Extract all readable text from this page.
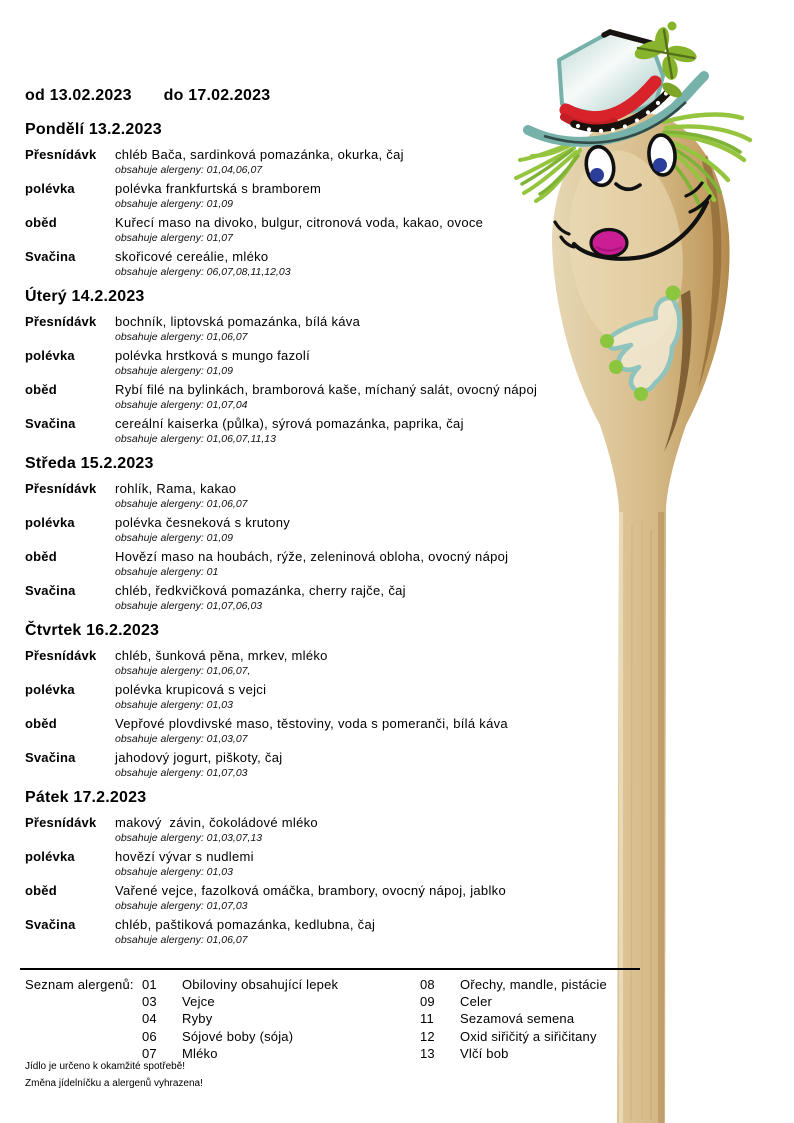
od 13.02.2023 do 17.02.2023
Pondělí 13.2.2023
Přesnídávk	chléb Bača, sardinková pomazánka, okurka, čaj
obsahuje alergeny: 01,04,06,07
polévka	polévka frankfurtská s bramborem
obsahuje alergeny: 01,09
oběd	Kuřecí maso na divoko, bulgur, citronová voda, kakao, ovoce
obsahuje alergeny: 01,07
Svačina	skořicové cereálie, mléko
obsahuje alergeny: 06,07,08,11,12,03
Úterý 14.2.2023
Přesnídávk	bochník, liptovská pomazánka, bílá káva
obsahuje alergeny: 01,06,07
polévka	polévka hrstková s mungo fazolí
obsahuje alergeny: 01,09
oběd	Rybí filé na bylinkách, bramborová kaše, míchaný salát, ovocný nápoj
obsahuje alergeny: 01,07,04
Svačina	cereální kaiserka (půlka), sýrová pomazánka, paprika, čaj
obsahuje alergeny: 01,06,07,11,13
Středa 15.2.2023
Přesnídávk	rohlík, Rama, kakao
obsahuje alergeny: 01,06,07
polévka	polévka česneková s krutony
obsahuje alergeny: 01,09
oběd	Hovězí maso na houbách, rýže, zeleninová obloha, ovocný nápoj
obsahuje alergeny: 01
Svačina	chléb, ředkvičková pomazánka, cherry rajče, čaj
obsahuje alergeny: 01,07,06,03
Čtvrtek 16.2.2023
Přesnídávk	chléb, šunková pěna, mrkev, mléko
obsahuje alergeny: 01,06,07,
polévka	polévka krupicová s vejci
obsahuje alergeny: 01,03
oběd	Vepřové plovdivské maso, těstoviny, voda s pomeranči, bílá káva
obsahuje alergeny: 01,03,07
Svačina	jahodový jogurt, piškoty, čaj
obsahuje alergeny: 01,07,03
Pátek 17.2.2023
Přesnídávk	makový  závin, čokoládové mléko
obsahuje alergeny: 01,03,07,13
polévka	hovězí vývar s nudlemi
obsahuje alergeny: 01,03
oběd	Vařené vejce, fazolková omáčka, brambory, ovocný nápoj, jablko
obsahuje alergeny: 01,07,03
Svačina	chléb, paštiková pomazánka, kedlubna, čaj
obsahuje alergeny: 01,06,07
Seznam alergenů: 01	Obiloviny obsahující lepek
03	Vejce
04	Ryby
06	Sójové boby (sója)
07	Mléko
08	Ořechy, mandle, pistácie
09	Celer
11	Sezamová semena
12	Oxid siřičitý a siřičitany
13	Vlčí bob
Jídlo je určeno k okamžité spotřebě!
Změna jídelníčku a alergenů vyhrazena!
